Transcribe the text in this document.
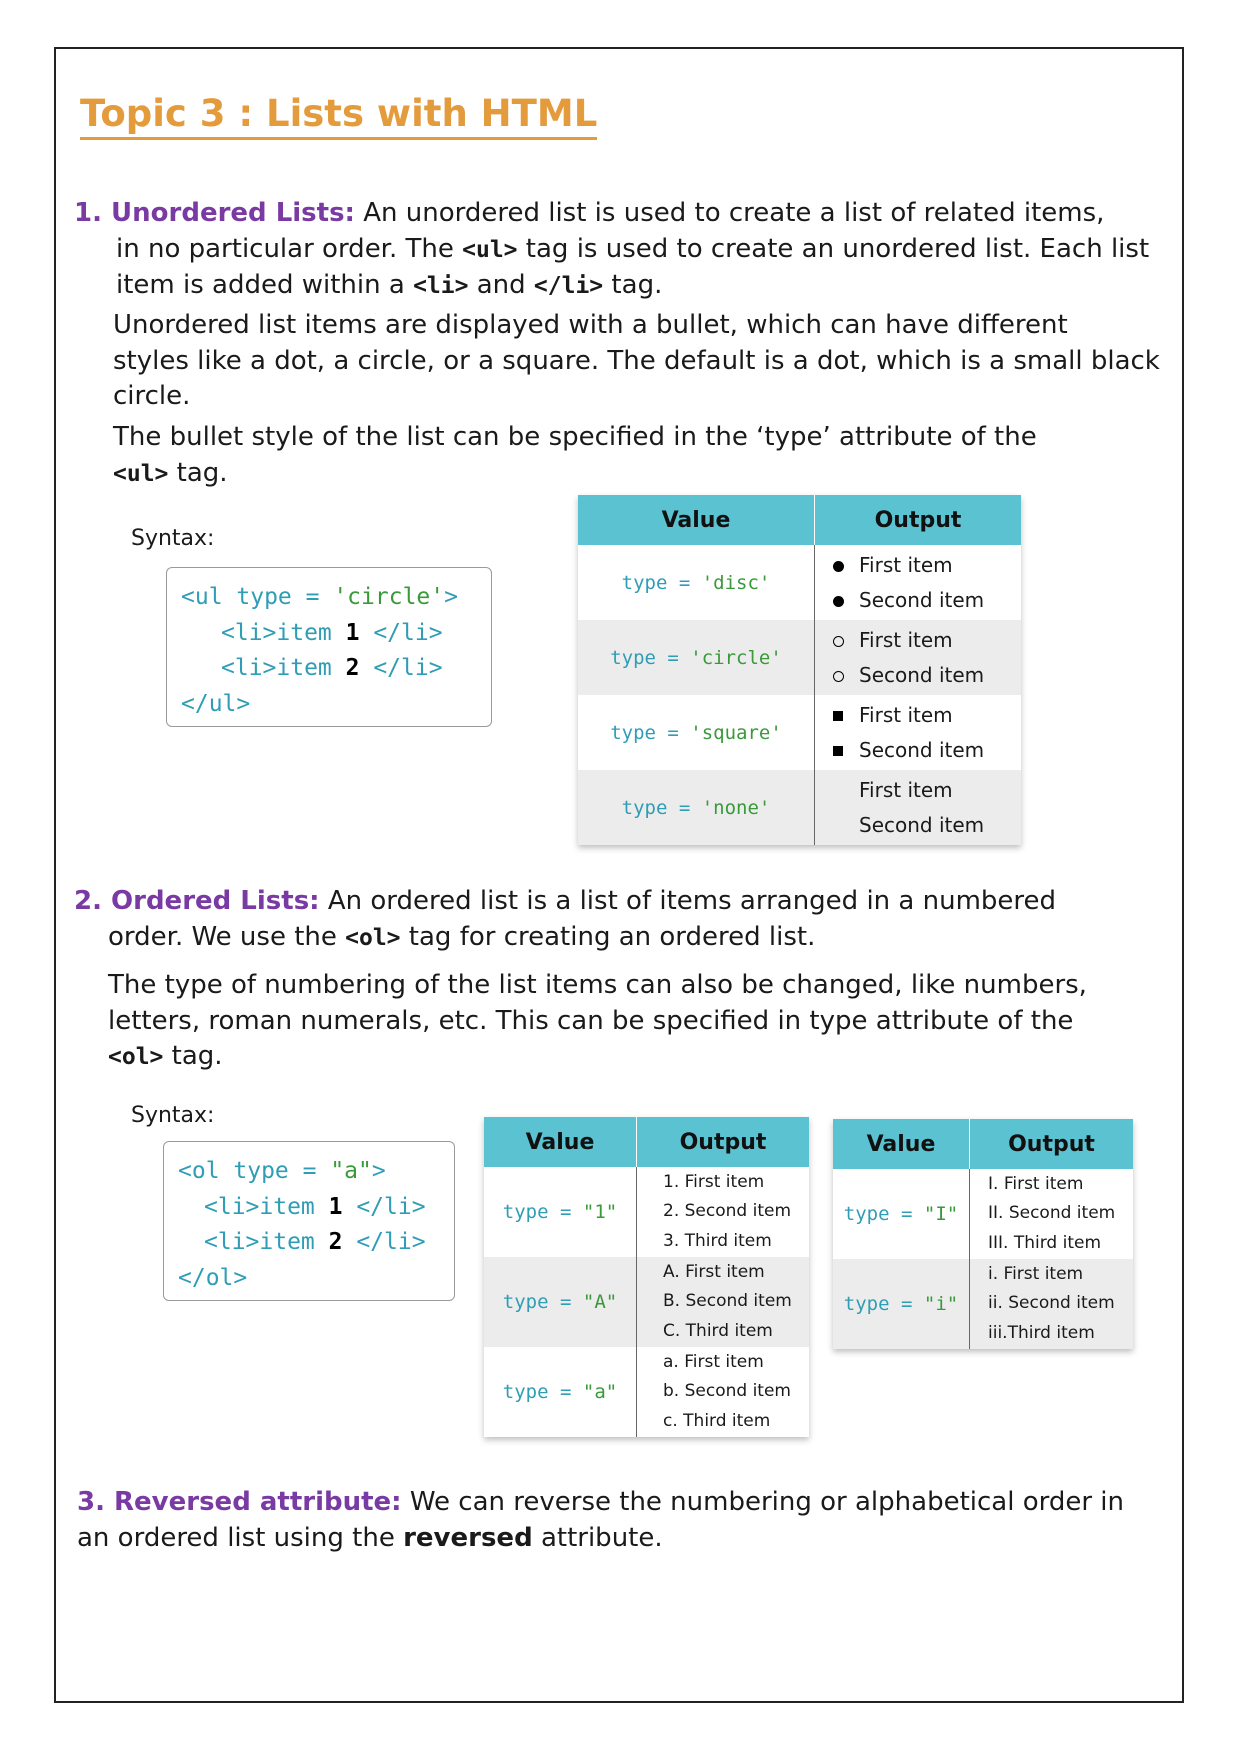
Topic 3 : Lists with HTML
1. Unordered Lists: An unordered list is used to create a list of related items,
in no particular order. The <ul> tag is used to create an unordered list. Each list
item is added within a <li> and </li> tag.
Unordered list items are displayed with a bullet, which can have different
styles like a dot, a circle, or a square. The default is a dot, which is a small black
circle.
The bullet style of the list can be specified in the ‘type’ attribute of the
<ul> tag.
Syntax:
<ul type = 'circle'>
<li>item 1 </li>
<li>item 2 </li>
</ul>
Value	Output
type = 'disc'	First item
Second item

type = 'circle'	First item
Second item

type = 'square'	First item
Second item

type = 'none'	First item
Second item
2. Ordered Lists: An ordered list is a list of items arranged in a numbered
order. We use the <ol> tag for creating an ordered list.
The type of numbering of the list items can also be changed, like numbers,
letters, roman numerals, etc. This can be specified in type attribute of the
<ol> tag.
Syntax:
<ol type = "a">
<li>item 1 </li>
<li>item 2 </li>
</ol>
Value	Output
type = "1"	1. First item
2. Second item
3. Third item

type = "A"	A. First item
B. Second item
C. Third item

type = "a"	a. First item
b. Second item
c. Third item
Value	Output
type = "I"	I. First item
II. Second item
III. Third item

type = "i"	i. First item
ii. Second item
iii.Third item
3. Reversed attribute: We can reverse the numbering or alphabetical order in
an ordered list using the reversed attribute.
